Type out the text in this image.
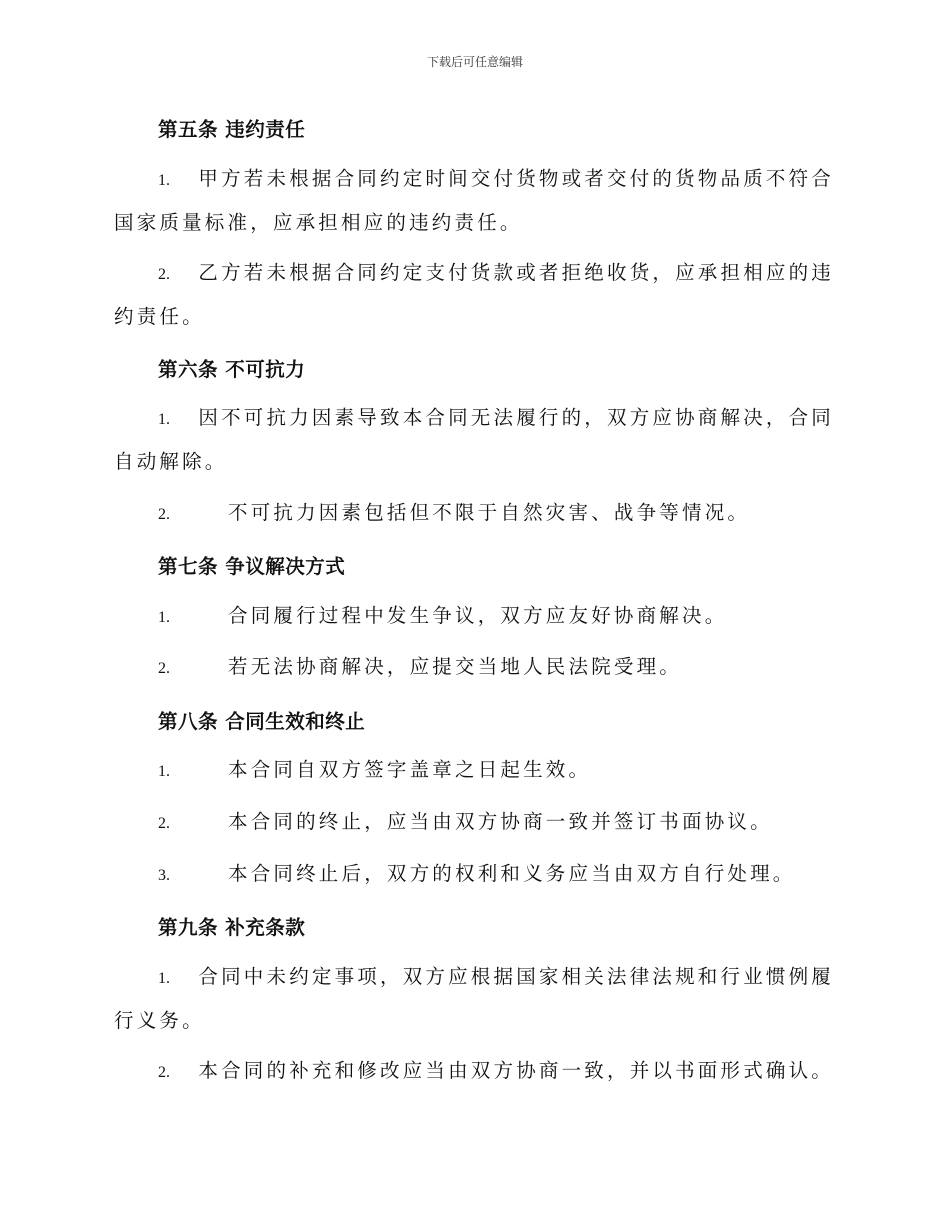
下载后可任意编辑
第五条 违约责任
1.	甲方若未根据合同约定时间交付货物或者交付的货物品质不符合
国家质量标准，应承担相应的违约责任。
2.	乙方若未根据合同约定支付货款或者拒绝收货，应承担相应的违
约责任。
第六条 不可抗力
1.	因不可抗力因素导致本合同无法履行的，双方应协商解决，合同
自动解除。
2.	不可抗力因素包括但不限于自然灾害、战争等情况。
第七条 争议解决方式
1.	合同履行过程中发生争议，双方应友好协商解决。
2.	若无法协商解决，应提交当地人民法院受理。
第八条 合同生效和终止
1.	本合同自双方签字盖章之日起生效。
2.	本合同的终止，应当由双方协商一致并签订书面协议。
3.	本合同终止后，双方的权利和义务应当由双方自行处理。
第九条 补充条款
1.	合同中未约定事项，双方应根据国家相关法律法规和行业惯例履
行义务。
2.	本合同的补充和修改应当由双方协商一致，并以书面形式确认。
